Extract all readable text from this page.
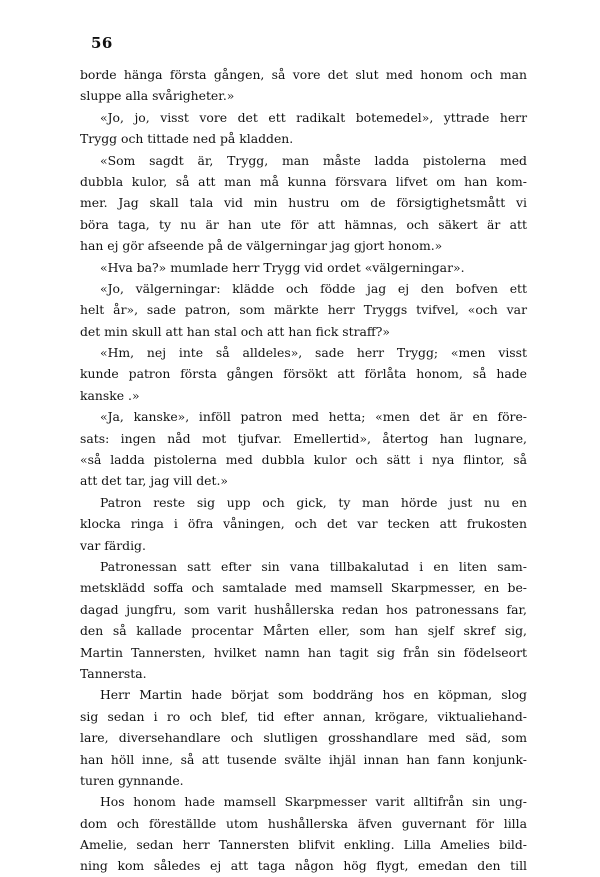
56
borde hänga första gången, så vore det slut med honom och man
sluppe alla svårigheter.»
«Jo, jo, visst vore det ett radikalt botemedel», yttrade herr
Trygg och tittade ned på kladden.
«Som sagdt är, Trygg, man måste ladda pistolerna med
dubbla kulor, så att man må kunna försvara lifvet om han kom-
mer. Jag skall tala vid min hustru om de försigtighetsmått vi
böra taga, ty nu är han ute för att hämnas, och säkert är att
han ej gör afseende på de välgerningar jag gjort honom.»
«Hva ba?» mumlade herr Trygg vid ordet «välgerningar».
«Jo, välgerningar: klädde och födde jag ej den bofven ett
helt år», sade patron, som märkte herr Tryggs tvifvel, «och var
det min skull att han stal och att han fick straff?»
«Hm, nej inte så alldeles», sade herr Trygg; «men visst
kunde patron första gången försökt att förlåta honom, så hade
kanske .»
«Ja, kanske», inföll patron med hetta; «men det är en före-
sats: ingen nåd mot tjufvar. Emellertid», återtog han lugnare,
«så ladda pistolerna med dubbla kulor och sätt i nya flintor, så
att det tar, jag vill det.»
Patron reste sig upp och gick, ty man hörde just nu en
klocka ringa i öfra våningen, och det var tecken att frukosten
var färdig.
Patronessan satt efter sin vana tillbakalutad i en liten sam-
metsklädd soffa och samtalade med mamsell Skarpmesser, en be-
dagad jungfru, som varit hushållerska redan hos patronessans far,
den så kallade procentar Mårten eller, som han sjelf skref sig,
Martin Tannersten, hvilket namn han tagit sig från sin födelseort
Tannersta.
Herr Martin hade börjat som boddräng hos en köpman, slog
sig sedan i ro och blef, tid efter annan, krögare, viktualiehand-
lare, diversehandlare och slutligen grosshandlare med säd, som
han höll inne, så att tusende svälte ihjäl innan han fann konjunk-
turen gynnande.
Hos honom hade mamsell Skarpmesser varit alltifrån sin ung-
dom och föreställde utom hushållerska äfven guvernant för lilla
Amelie, sedan herr Tannersten blifvit enkling. Lilla Amelies bild-
ning kom således ej att taga någon hög flygt, emedan den till
